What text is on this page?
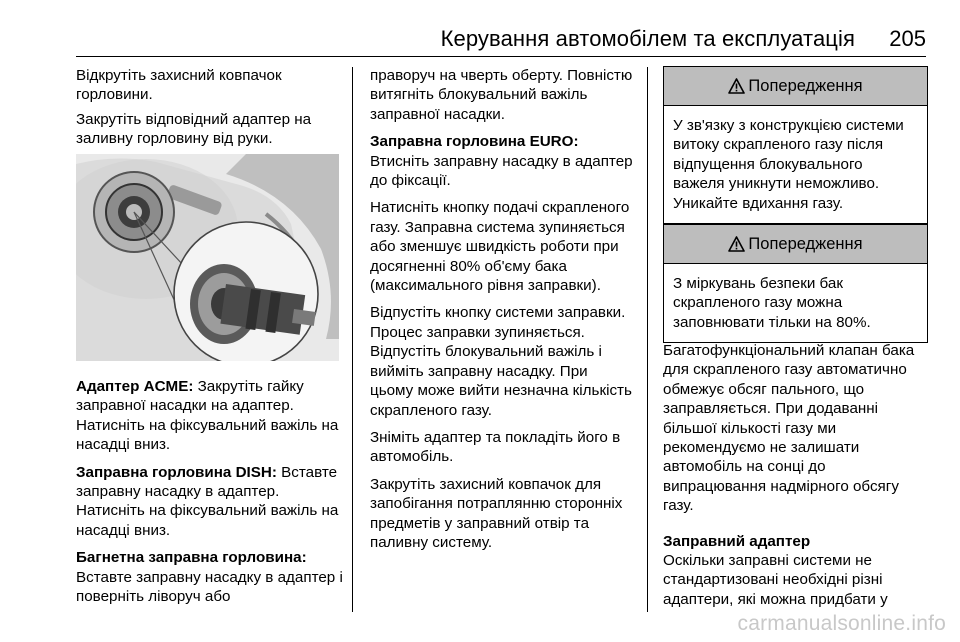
Керування автомобілем та експлуатація 205

Відкрутіть захисний ковпачок горловини.

Закрутіть відповідний адаптер на заливну горловину від руки.

Адаптер ACME: Закрутіть гайку заправної насадки на адаптер. Натисніть на фіксувальний важіль на насадці вниз.

Заправна горловина DISH: Вставте заправну насадку в адаптер. Натисніть на фіксувальний важіль на насадці вниз.

Багнетна заправна горловина:
Вставте заправну насадку в адаптер і поверніть ліворуч або

праворуч на чверть оберту. Повністю витягніть блокувальний важіль заправної насадки.

Заправна горловина EURO:
Втисніть заправну насадку в адаптер до фіксації.

Натисніть кнопку подачі скрапленого газу. Заправна система зупиняється або зменшує швидкість роботи при досягненні 80% об'єму бака (максимального рівня заправки).

Відпустіть кнопку системи заправки. Процес заправки зупиняється. Відпустіть блокувальний важіль і вийміть заправну насадку. При цьому може вийти незначна кількість скрапленого газу.

Зніміть адаптер та покладіть його в автомобіль.

Закрутіть захисний ковпачок для запобігання потраплянню сторонніх предметів у заправний отвір та паливну систему.

Попередження
У зв'язку з конструкцією системи витоку скрапленого газу після відпущення блокувального важеля уникнути неможливо. Уникайте вдихання газу.
Попередження
З міркувань безпеки бак скрапленого газу можна заповнювати тільки на 80%.

Багатофункціональний клапан бака для скрапленого газу автоматично обмежує обсяг пального, що заправляється. При додаванні більшої кількості газу ми рекомендуємо не залишати автомобіль на сонці до випрацювання надмірного обсягу газу.

Заправний адаптер
Оскільки заправні системи не стандартизовані необхідні різні адаптери, які можна придбати у

carmanualsonline.info
